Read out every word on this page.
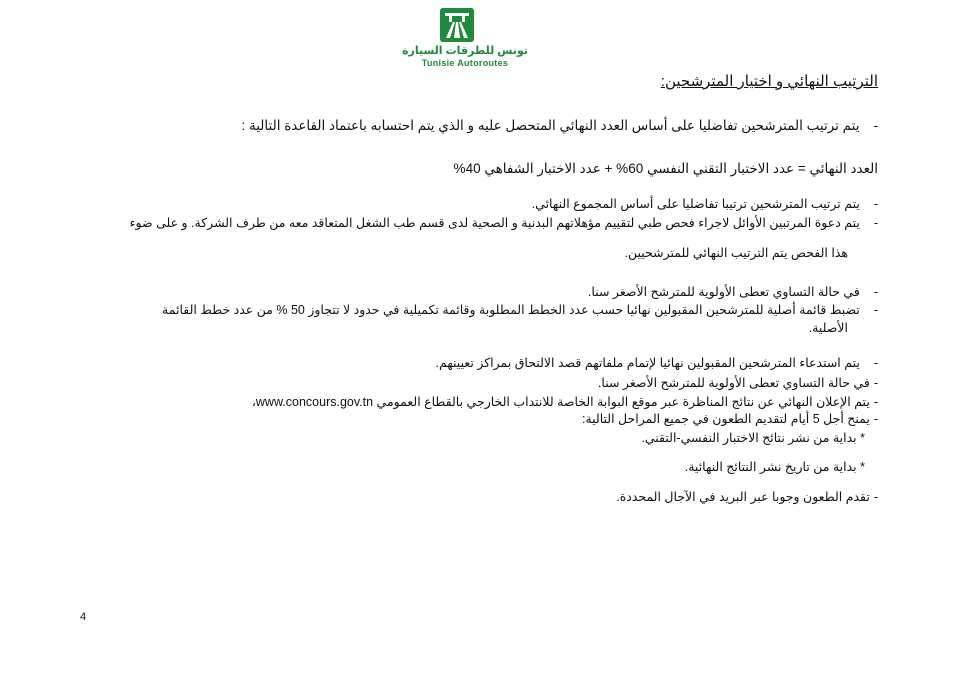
تونس للطرقات السيارة
Tunisie Autoroutes
الترتيب النهائي و اختيار المترشحين:
-يتم ترتيب المترشحين تفاضليا على أساس العدد النهائي المتحصل عليه و الذي يتم احتسابه باعتماد القاعدة التالية :
العدد النهائي = عدد الاختبار التقني النفسي 60% + عدد الاختبار الشفاهي 40%
-يتم ترتيب المترشحين ترتيبا تفاضليا على أساس المجموع النهائي.
-يتم دعوة المرتبين الأوائل لاجراء فحص طبي لتقييم مؤهلاتهم البدنية و الصحية لدى قسم طب الشغل المتعاقد معه من طرف الشركة. و على ضوء
هذا الفحص يتم الترتيب النهائي للمترشحيين.
-في حالة التساوي تعطى الأولوية للمترشح الأصغر سنا.
-تضبط قائمة أصلية للمترشحين المقبولين نهائيا حسب عدد الخطط المطلوبة وقائمة تكميلية في حدود لا تتجاوز 50 % من عدد خطط القائمة
الأصلية.
-يتم استدعاء المترشحين المقبولين نهائيا لإتمام ملفاتهم قصد الالتحاق بمراكز تعيينهم.
-في حالة التساوي تعطى الأولوية للمترشح الأصغر سنا.
-يتم الإعلان النهائي عن نتائج المناظرة عبر موقع البوابة الخاصة للانتداب الخارجي بالقطاع العمومي www.concours.gov.tn،
-يمنح أجل 5 أيام لتقديم الطعون في جميع المراحل التالية:
* بداية من نشر نتائج الاختبار النفسي-التقني.
* بداية من تاريخ نشر النتائج النهائية.
-تقدم الطعون وجوبا عبر البريد في الآجال المحددة.
4
